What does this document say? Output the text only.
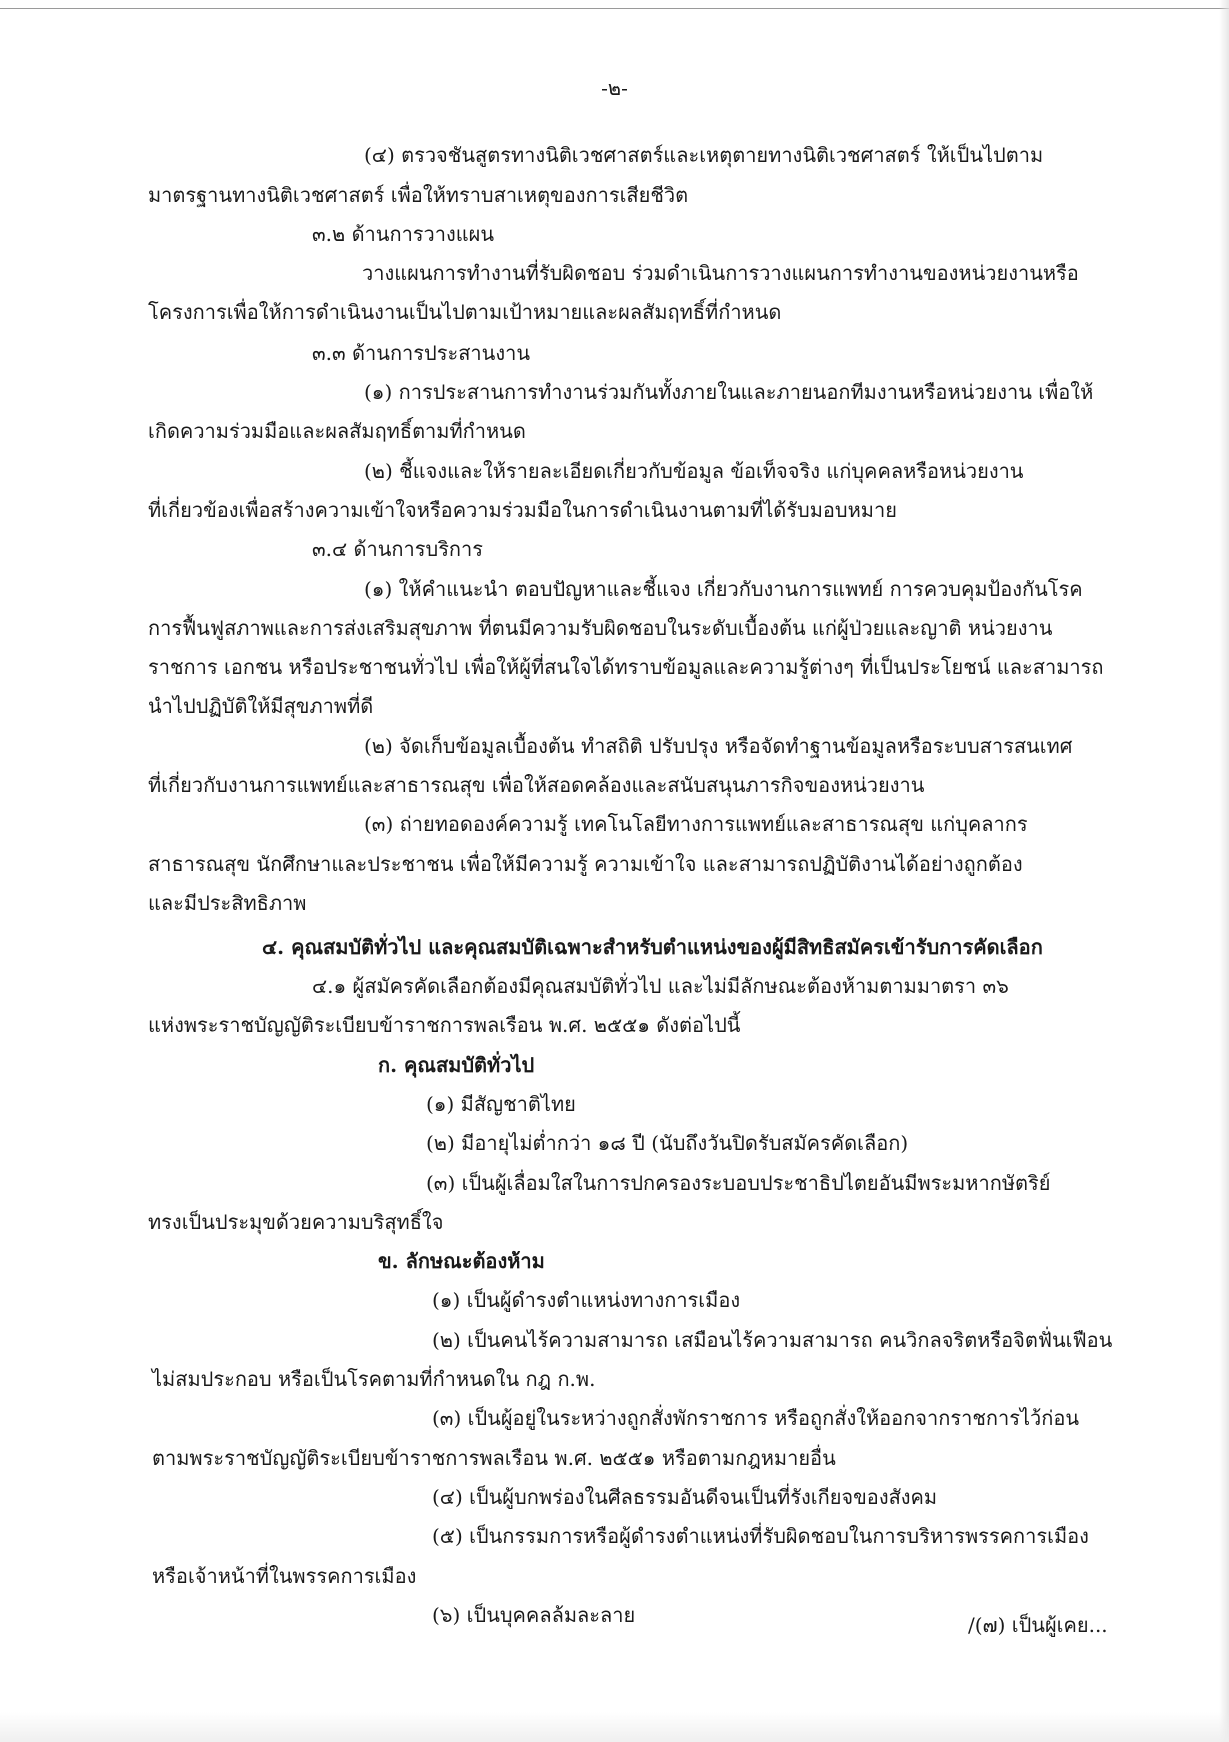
-๒-
(๔) ตรวจชันสูตรทางนิติเวชศาสตร์และเหตุตายทางนิติเวชศาสตร์ ให้เป็นไปตาม
มาตรฐานทางนิติเวชศาสตร์ เพื่อให้ทราบสาเหตุของการเสียชีวิต
๓.๒ ด้านการวางแผน
วางแผนการทำงานที่รับผิดชอบ ร่วมดำเนินการวางแผนการทำงานของหน่วยงานหรือ
โครงการเพื่อให้การดำเนินงานเป็นไปตามเป้าหมายและผลสัมฤทธิ์ที่กำหนด
๓.๓ ด้านการประสานงาน
(๑) การประสานการทำงานร่วมกันทั้งภายในและภายนอกทีมงานหรือหน่วยงาน เพื่อให้
เกิดความร่วมมือและผลสัมฤทธิ์ตามที่กำหนด
(๒) ชี้แจงและให้รายละเอียดเกี่ยวกับข้อมูล ข้อเท็จจริง แก่บุคคลหรือหน่วยงาน
ที่เกี่ยวข้องเพื่อสร้างความเข้าใจหรือความร่วมมือในการดำเนินงานตามที่ได้รับมอบหมาย
๓.๔ ด้านการบริการ
(๑) ให้คำแนะนำ ตอบปัญหาและชี้แจง เกี่ยวกับงานการแพทย์ การควบคุมป้องกันโรค
การฟื้นฟูสภาพและการส่งเสริมสุขภาพ ที่ตนมีความรับผิดชอบในระดับเบื้องต้น แก่ผู้ป่วยและญาติ หน่วยงาน
ราชการ เอกชน หรือประชาชนทั่วไป เพื่อให้ผู้ที่สนใจได้ทราบข้อมูลและความรู้ต่างๆ ที่เป็นประโยชน์ และสามารถ
นำไปปฏิบัติให้มีสุขภาพที่ดี
(๒) จัดเก็บข้อมูลเบื้องต้น ทำสถิติ ปรับปรุง หรือจัดทำฐานข้อมูลหรือระบบสารสนเทศ
ที่เกี่ยวกับงานการแพทย์และสาธารณสุข เพื่อให้สอดคล้องและสนับสนุนภารกิจของหน่วยงาน
(๓) ถ่ายทอดองค์ความรู้ เทคโนโลยีทางการแพทย์และสาธารณสุข แก่บุคลากร
สาธารณสุข นักศึกษาและประชาชน เพื่อให้มีความรู้ ความเข้าใจ และสามารถปฏิบัติงานได้อย่างถูกต้อง
และมีประสิทธิภาพ
๔. คุณสมบัติทั่วไป และคุณสมบัติเฉพาะสำหรับตำแหน่งของผู้มีสิทธิสมัครเข้ารับการคัดเลือก
๔.๑ ผู้สมัครคัดเลือกต้องมีคุณสมบัติทั่วไป และไม่มีลักษณะต้องห้ามตามมาตรา ๓๖
แห่งพระราชบัญญัติระเบียบข้าราชการพลเรือน พ.ศ. ๒๕๕๑ ดังต่อไปนี้
ก. คุณสมบัติทั่วไป
(๑) มีสัญชาติไทย
(๒) มีอายุไม่ต่ำกว่า ๑๘ ปี (นับถึงวันปิดรับสมัครคัดเลือก)
(๓) เป็นผู้เลื่อมใสในการปกครองระบอบประชาธิปไตยอันมีพระมหากษัตริย์
ทรงเป็นประมุขด้วยความบริสุทธิ์ใจ
ข. ลักษณะต้องห้าม
(๑) เป็นผู้ดำรงตำแหน่งทางการเมือง
(๒) เป็นคนไร้ความสามารถ เสมือนไร้ความสามารถ คนวิกลจริตหรือจิตฟั่นเฟือน
ไม่สมประกอบ หรือเป็นโรคตามที่กำหนดใน กฎ ก.พ.
(๓) เป็นผู้อยู่ในระหว่างถูกสั่งพักราชการ หรือถูกสั่งให้ออกจากราชการไว้ก่อน
ตามพระราชบัญญัติระเบียบข้าราชการพลเรือน พ.ศ. ๒๕๕๑ หรือตามกฎหมายอื่น
(๔) เป็นผู้บกพร่องในศีลธรรมอันดีจนเป็นที่รังเกียจของสังคม
(๕) เป็นกรรมการหรือผู้ดำรงตำแหน่งที่รับผิดชอบในการบริหารพรรคการเมือง
หรือเจ้าหน้าที่ในพรรคการเมือง
(๖) เป็นบุคคลล้มละลาย	/(๗) เป็นผู้เคย...
